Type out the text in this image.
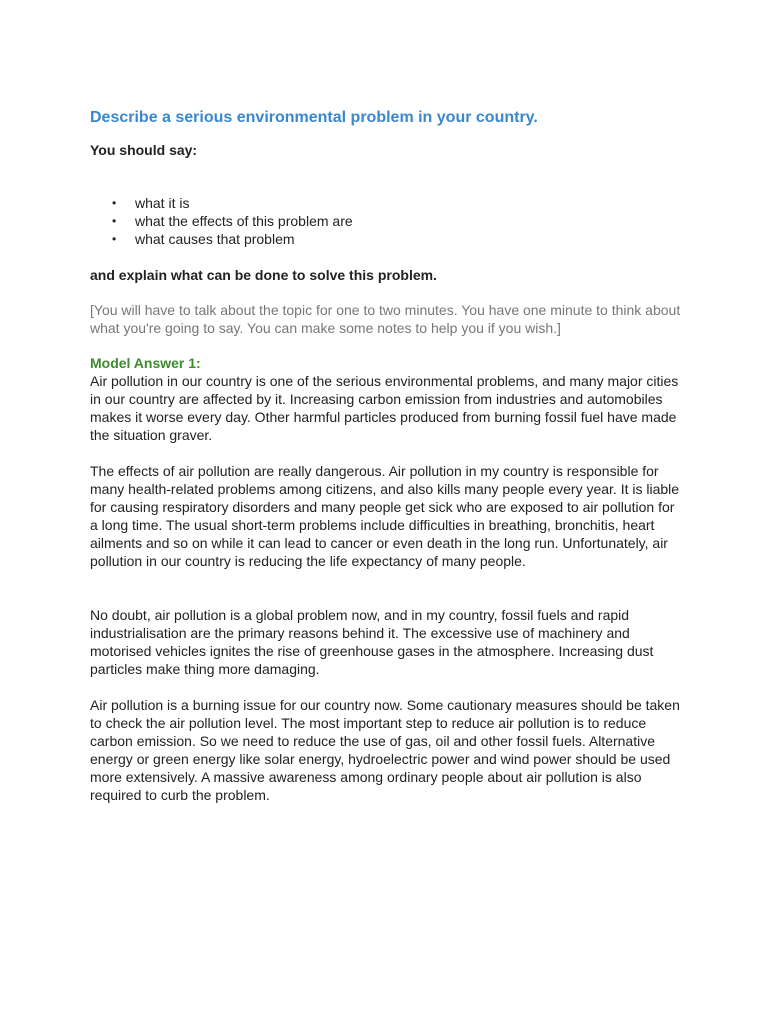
Describe a serious environmental problem in your country.

You should say:

• what it is
• what the effects of this problem are
• what causes that problem

and explain what can be done to solve this problem.

[You will have to talk about the topic for one to two minutes. You have one minute to think about what you're going to say. You can make some notes to help you if you wish.]

Model Answer 1:

Air pollution in our country is one of the serious environmental problems, and many major cities in our country are affected by it. Increasing carbon emission from industries and automobiles makes it worse every day. Other harmful particles produced from burning fossil fuel have made the situation graver.

The effects of air pollution are really dangerous. Air pollution in my country is responsible for many health-related problems among citizens, and also kills many people every year. It is liable for causing respiratory disorders and many people get sick who are exposed to air pollution for a long time. The usual short-term problems include difficulties in breathing, bronchitis, heart ailments and so on while it can lead to cancer or even death in the long run. Unfortunately, air pollution in our country is reducing the life expectancy of many people.

No doubt, air pollution is a global problem now, and in my country, fossil fuels and rapid industrialisation are the primary reasons behind it. The excessive use of machinery and motorised vehicles ignites the rise of greenhouse gases in the atmosphere. Increasing dust particles make thing more damaging.

Air pollution is a burning issue for our country now. Some cautionary measures should be taken to check the air pollution level. The most important step to reduce air pollution is to reduce carbon emission. So we need to reduce the use of gas, oil and other fossil fuels. Alternative energy or green energy like solar energy, hydroelectric power and wind power should be used more extensively. A massive awareness among ordinary people about air pollution is also required to curb the problem.
